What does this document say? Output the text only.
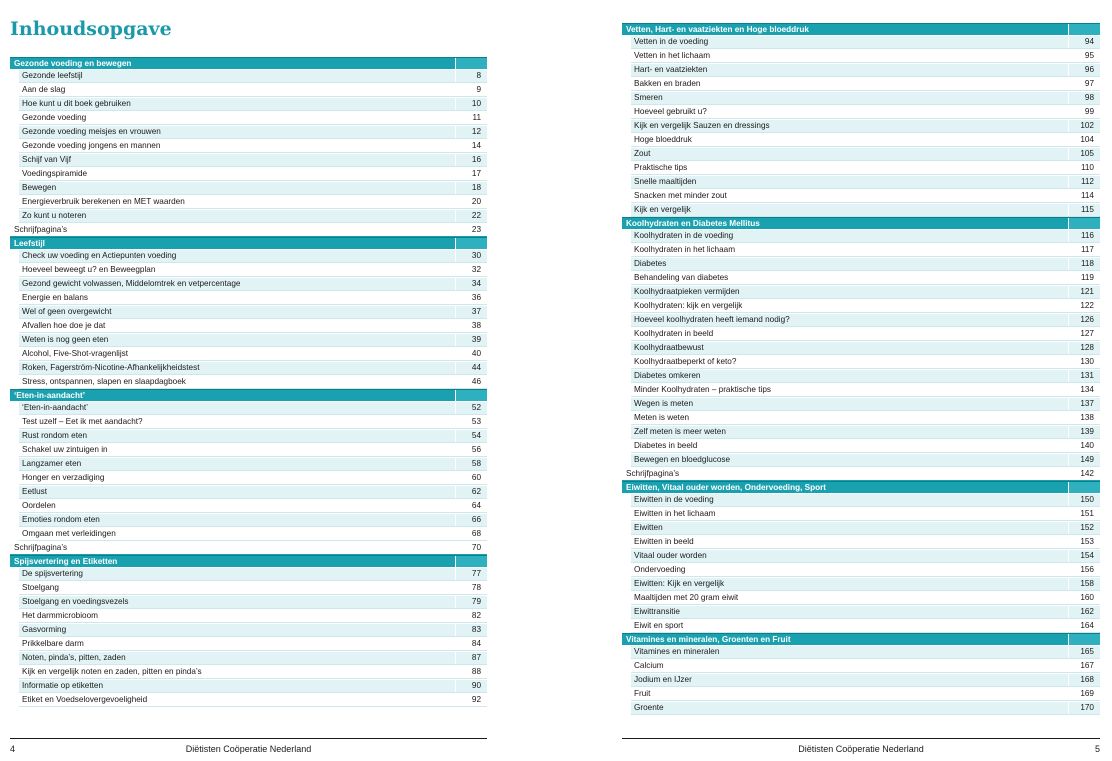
Inhoudsopgave
Gezonde voeding en bewegen
Gezonde leefstijl	8
Aan de slag	9
Hoe kunt u dit boek gebruiken	10
Gezonde voeding	11
Gezonde voeding meisjes en vrouwen	12
Gezonde voeding jongens en mannen	14
Schijf van Vijf	16
Voedingspiramide	17
Bewegen	18
Energieverbruik berekenen en MET waarden	20
Zo kunt u noteren	22
Schrijfpagina’s	23
Leefstijl
Check uw voeding en Actiepunten voeding	30
Hoeveel beweegt u? en Beweegplan	32
Gezond gewicht volwassen, Middelomtrek en vetpercentage	34
Energie en balans	36
Wel of geen overgewicht	37
Afvallen hoe doe je dat	38
Weten is nog geen eten	39
Alcohol, Five-Shot-vragenlijst	40
Roken, Fagerström-Nicotine-Afhankelijkheidstest	44
Stress, ontspannen, slapen en slaapdagboek	46
‘Eten-in-aandacht’
‘Eten-in-aandacht’	52
Test uzelf – Eet ik met aandacht?	53
Rust rondom eten	54
Schakel uw zintuigen in	56
Langzamer eten	58
Honger en verzadiging	60
Eetlust	62
Oordelen	64
Emoties rondom eten	66
Omgaan met verleidingen	68
Schrijfpagina’s	70
Spijsvertering en Etiketten
De spijsvertering	77
Stoelgang	78
Stoelgang en voedingsvezels	79
Het darmmicrobioom	82
Gasvorming	83
Prikkelbare darm	84
Noten, pinda’s, pitten, zaden	87
Kijk en vergelijk noten en zaden, pitten en pinda’s	88
Informatie op etiketten	90
Etiket en Voedselovergevoeligheid	92
4	Diëtisten Coöperatie Nederland
Vetten, Hart- en vaatziekten en Hoge bloeddruk
Vetten in de voeding	94
Vetten in het lichaam	95
Hart- en vaatziekten	96
Bakken en braden	97
Smeren	98
Hoeveel gebruikt u?	99
Kijk en vergelijk Sauzen en dressings	102
Hoge bloeddruk	104
Zout	105
Praktische tips	110
Snelle maaltijden	112
Snacken met minder zout	114
Kijk en vergelijk	115
Koolhydraten en Diabetes Mellitus
Koolhydraten in de voeding	116
Koolhydraten in het lichaam	117
Diabetes	118
Behandeling van diabetes	119
Koolhydraatpieken vermijden	121
Koolhydraten: kijk en vergelijk	122
Hoeveel koolhydraten heeft iemand nodig?	126
Koolhydraten in beeld	127
Koolhydraatbewust	128
Koolhydraatbeperkt of keto?	130
Diabetes omkeren	131
Minder Koolhydraten – praktische tips	134
Wegen is meten	137
Meten is weten	138
Zelf meten is meer weten	139
Diabetes in beeld	140
Bewegen en bloedglucose	149
Schrijfpagina’s	142
Eiwitten, Vitaal ouder worden, Ondervoeding, Sport
Eiwitten in de voeding	150
Eiwitten in het lichaam	151
Eiwitten	152
Eiwitten in beeld	153
Vitaal ouder worden	154
Ondervoeding	156
Eiwitten: Kijk en vergelijk	158
Maaltijden met 20 gram eiwit	160
Eiwittransitie	162
Eiwit en sport	164
Vitamines en mineralen, Groenten en Fruit
Vitamines en mineralen	165
Calcium	167
Jodium en IJzer	168
Fruit	169
Groente	170
Diëtisten Coöperatie Nederland	5
